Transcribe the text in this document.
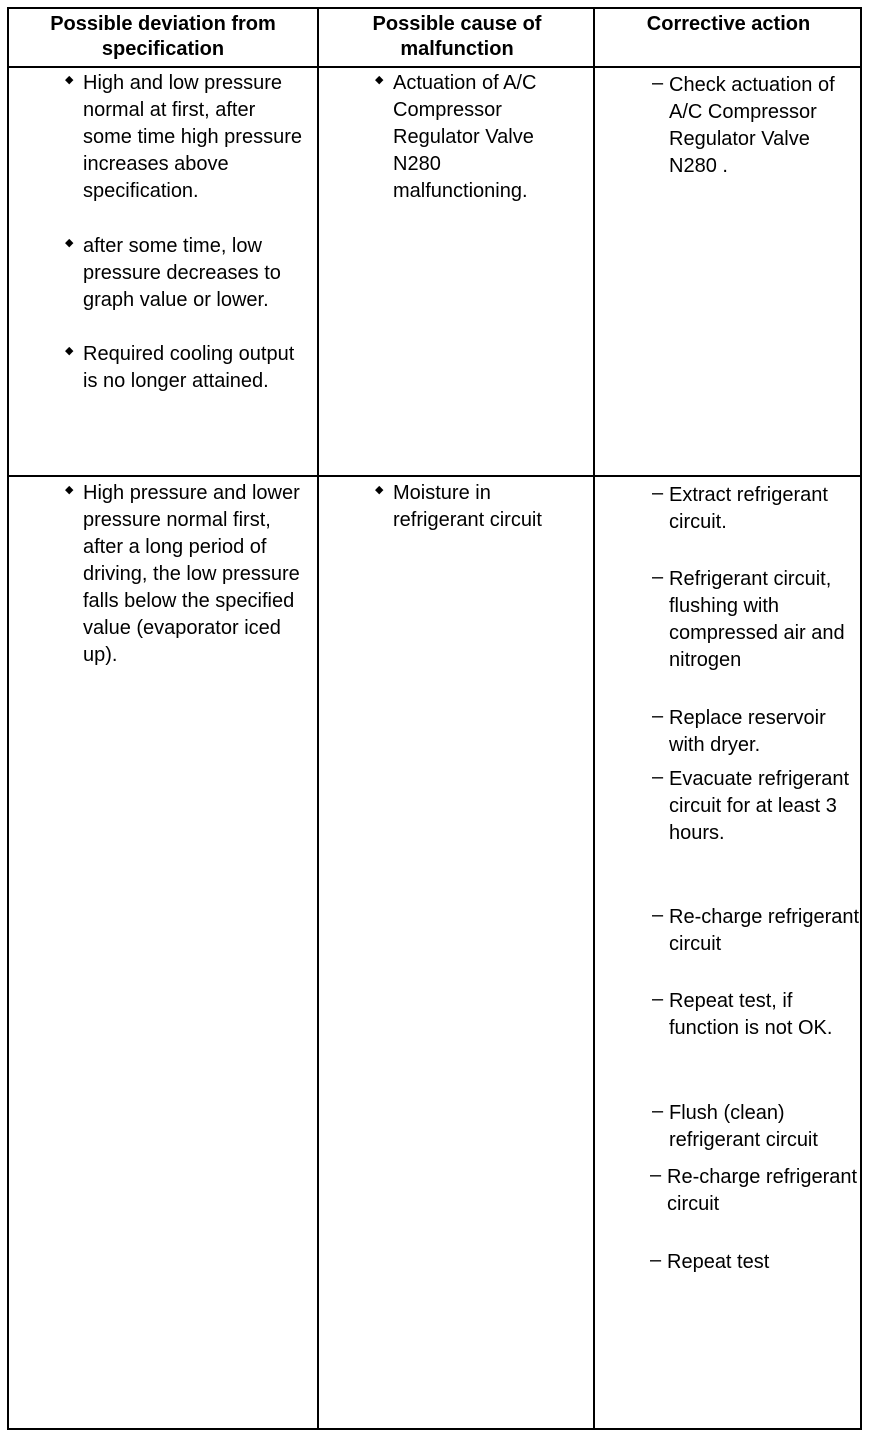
Possible deviation from specification
Possible cause of malfunction
Corrective action
◆ High and low pressure normal at first, after some time high pressure increases above specification.
◆ after some time, low pressure decreases to graph value or lower.
◆ Required cooling output is no longer attained.
◆ Actuation of A/C Compressor Regulator Valve N280 malfunctioning.
– Check actuation of A/C Compressor Regulator Valve N280 .
◆ High pressure and lower pressure normal first, after a long period of driving, the low pressure falls below the specified value (evaporator iced up).
◆ Moisture in refrigerant circuit
– Extract refrigerant circuit.
– Refrigerant circuit, flushing with compressed air and nitrogen
– Replace reservoir with dryer.
– Evacuate refrigerant circuit for at least 3 hours.
– Re-charge refrigerant circuit
– Repeat test, if function is not OK.
– Flush (clean) refrigerant circuit
– Re-charge refrigerant circuit
– Repeat test
